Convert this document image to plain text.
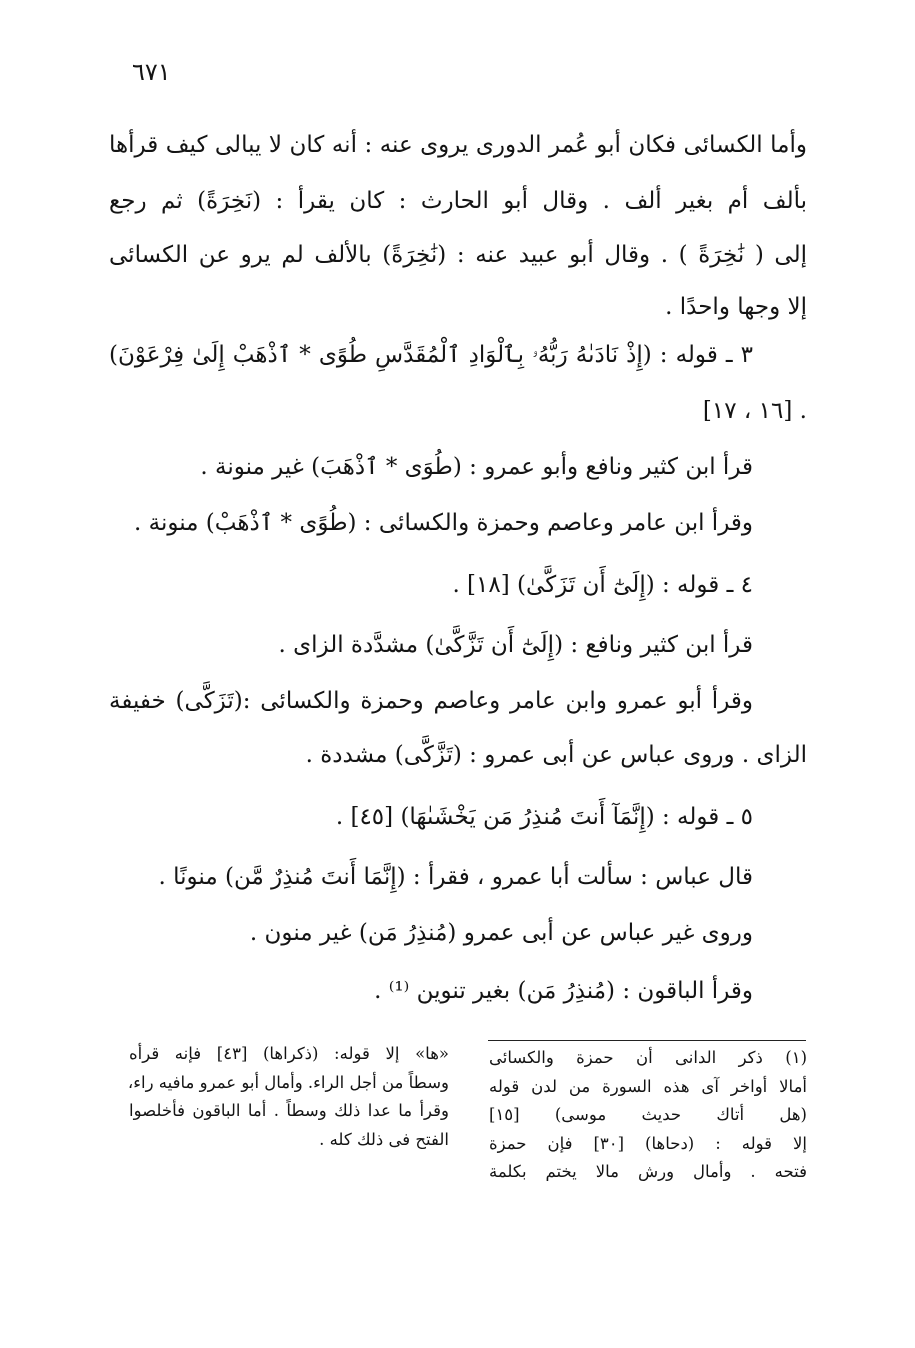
٦٧١
وأما الكسائى فكان أبو عُمر الدورى يروى عنه : أنه كان لا يبالى كيف قرأها
بألف أم بغير ألف . وقال أبو الحارث : كان يقرأ : (نَخِرَةً) ثم رجع
إلى ( نَٰخِرَةً ) . وقال أبو عبيد عنه : (نَٰخِرَةً) بالألف لم يرو عن الكسائى
إلا وجها واحدًا .
٣ ـ قوله : (إِذْ نَادَىٰهُ رَبُّهُۥ بِٱلْوَادِ ٱلْمُقَدَّسِ طُوًى * ٱذْهَبْ إِلَىٰ فِرْعَوْنَ)
. [١٦ ، ١٧]
قرأ ابن كثير ونافع وأبو عمرو : (طُوَى * ٱذْهَبَ) غير منونة .
وقرأ ابن عامر وعاصم وحمزة والكسائى : (طُوًى * ٱذْهَبْ) منونة .
٤ ـ قوله : (إِلَىٰٓ أَن تَزَكَّىٰ) [١٨] .
قرأ ابن كثير ونافع : (إِلَىٰٓ أَن تَزَّكَّىٰ) مشدَّدة الزاى .
وقرأ أبو عمرو وابن عامر وعاصم وحمزة والكسائى :(تَزَكَّى) خفيفة
الزاى . وروى عباس عن أبى عمرو : (تَزَّكَّى) مشددة .
٥ ـ قوله : (إِنَّمَآ أَنتَ مُنذِرُ مَن يَخْشَىٰهَا) [٤٥] .
قال عباس : سألت أبا عمرو ، فقرأ : (إِنَّمَا أَنتَ مُنذِرٌ مَّن) منونًا .
وروى غير عباس عن أبى عمرو (مُنذِرُ مَن) غير منون .
وقرأ الباقون : (مُنذِرُ مَن) بغير تنوين ⁽¹⁾ .
(١) ذكر الدانى أن حمزة والكسائى
أمالا أواخر آى هذه السورة من لدن قوله
(هل أتاك حديث موسى) [١٥]
إلا قوله : (دحاها) [٣٠] فإن حمزة
فتحه . وأمال ورش مالا يختم بكلمة
«ها» إلا قوله: (ذكراها) [٤٣] فإنه قرأه
وسطاً من أجل الراء. وأمال أبو عمرو مافيه راء،
وقرأ ما عدا ذلك وسطاً . أما الباقون فأخلصوا
الفتح فى ذلك كله .
